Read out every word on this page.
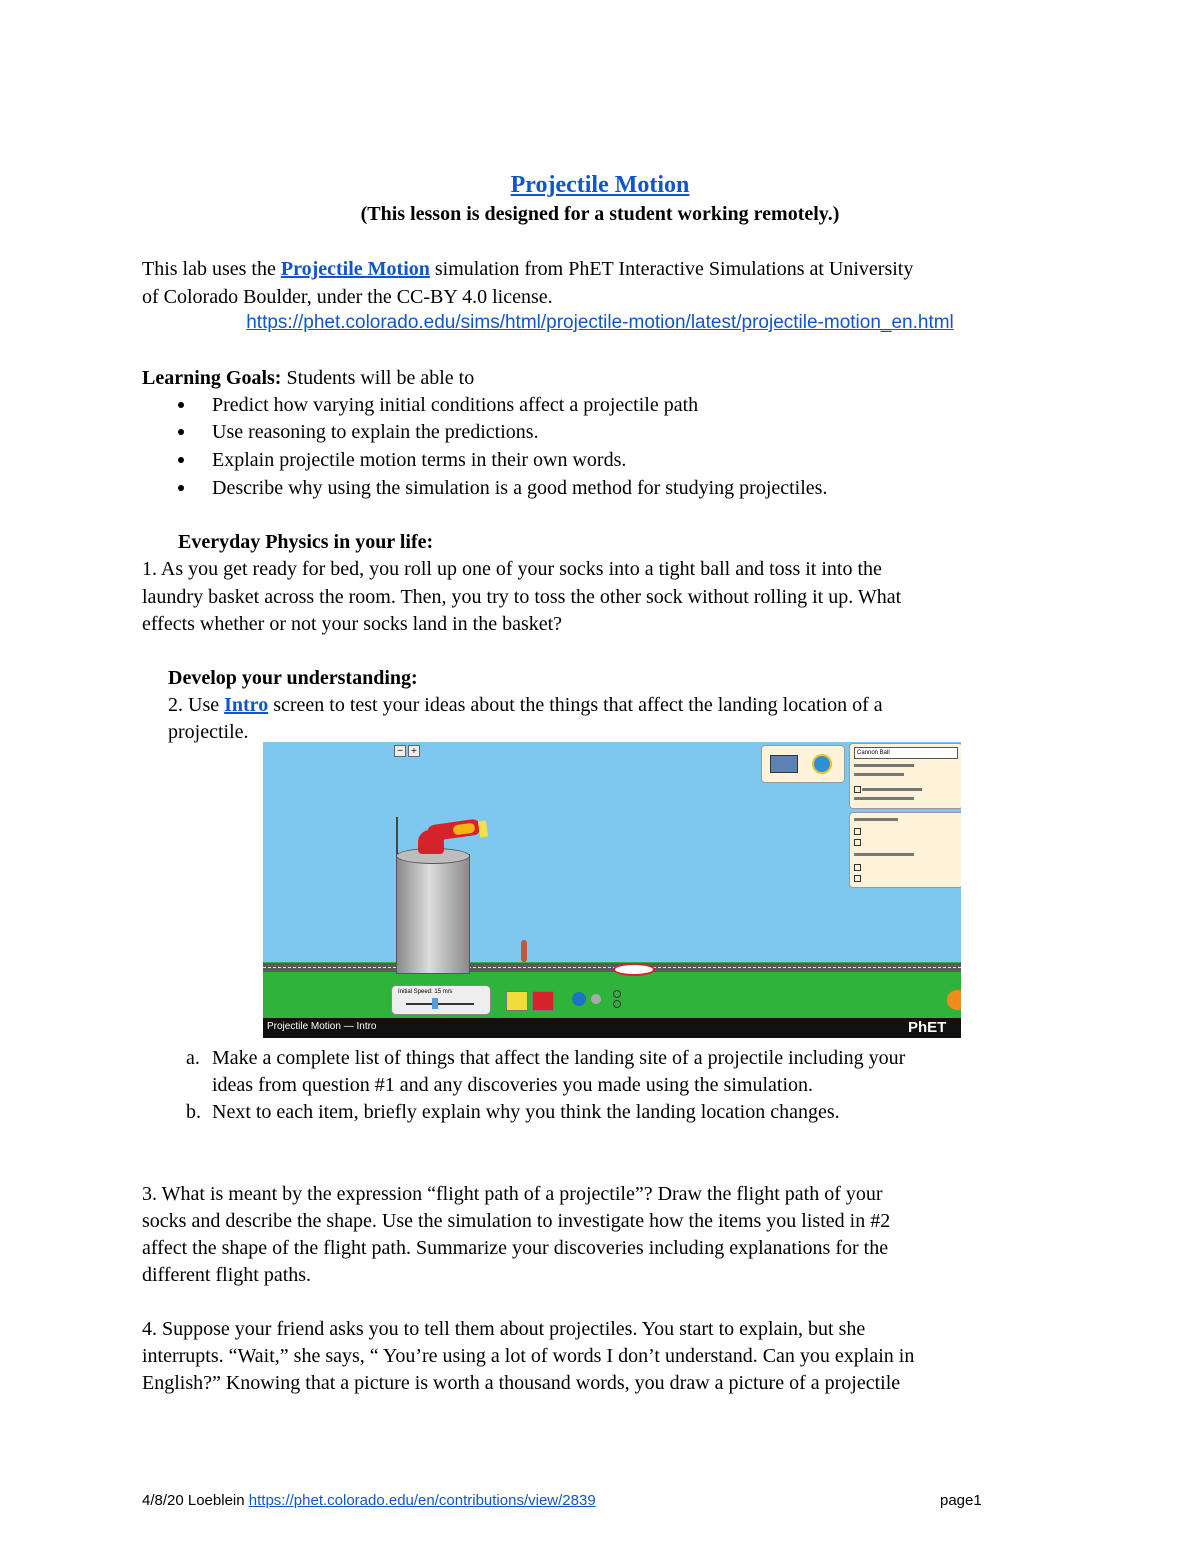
Projectile Motion
(This lesson is designed for a student working remotely.)
This lab uses the Projectile Motion simulation from PhET Interactive Simulations at University
of Colorado Boulder, under the CC-BY 4.0 license.
https://phet.colorado.edu/sims/html/projectile-motion/latest/projectile-motion_en.html
Learning Goals: Students will be able to
Predict how varying initial conditions affect a projectile path
Use reasoning to explain the predictions.
Explain projectile motion terms in their own words.
Describe why using the simulation is a good method for studying projectiles.
Everyday Physics in your life:
1. As you get ready for bed, you roll up one of your socks into a tight ball and toss it into the
laundry basket across the room. Then, you try to toss the other sock without rolling it up. What
effects whether or not your socks land in the basket?
Develop your understanding:
2. Use Intro screen to test your ideas about the things that affect the landing location of a
projectile.
Projectile Motion — Intro	PhET
− +
Initial Speed: 15 m/s
Cannon Ball
a. Make a complete list of things that affect the landing site of a projectile including your
ideas from question #1 and any discoveries you made using the simulation.
b. Next to each item, briefly explain why you think the landing location changes.
3. What is meant by the expression “flight path of a projectile”? Draw the flight path of your
socks and describe the shape. Use the simulation to investigate how the items you listed in #2
affect the shape of the flight path. Summarize your discoveries including explanations for the
different flight paths.
4. Suppose your friend asks you to tell them about projectiles. You start to explain, but she
interrupts. “Wait,” she says, “ You’re using a lot of words I don’t understand. Can you explain in
English?” Knowing that a picture is worth a thousand words, you draw a picture of a projectile
4/8/20 Loeblein https://phet.colorado.edu/en/contributions/view/2839	page1
